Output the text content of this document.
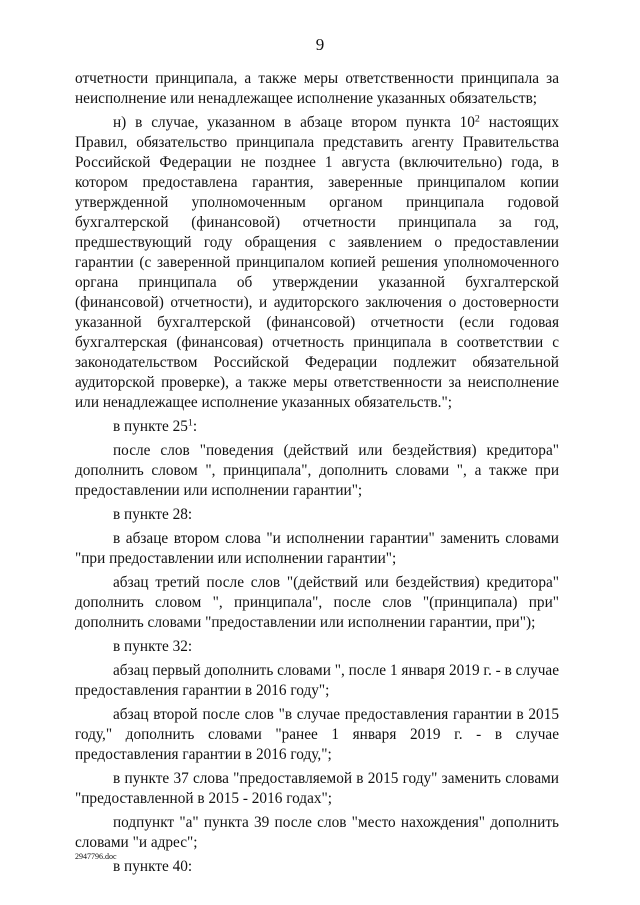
9

отчетности принципала, а также меры ответственности принципала за неисполнение или ненадлежащее исполнение указанных обязательств;

н) в случае, указанном в абзаце втором пункта $10^2$ настоящих Правил, обязательство принципала представить агенту Правительства Российской Федерации не позднее 1 августа (включительно) года, в котором предоставлена гарантия, заверенные принципалом копии утвержденной уполномоченным органом принципала годовой бухгалтерской (финансовой) отчетности принципала за год, предшествующий году обращения с заявлением о предоставлении гарантии (с заверенной принципалом копией решения уполномоченного органа принципала об утверждении указанной бухгалтерской (финансовой) отчетности), и аудиторского заключения о достоверности указанной бухгалтерской (финансовой) отчетности (если годовая бухгалтерская (финансовая) отчетность принципала в соответствии с законодательством Российской Федерации подлежит обязательной аудиторской проверке), а также меры ответственности за неисполнение или ненадлежащее исполнение указанных обязательств.";

в пункте $25^1$:

после слов "поведения (действий или бездействия) кредитора" дополнить словом ", принципала", дополнить словами ", а также при предоставлении или исполнении гарантии";

в пункте 28:

в абзаце втором слова "и исполнении гарантии" заменить словами "при предоставлении или исполнении гарантии";

абзац третий после слов "(действий или бездействия) кредитора" дополнить словом ", принципала", после слов "(принципала) при" дополнить словами "предоставлении или исполнении гарантии, при");

в пункте 32:

абзац первый дополнить словами ", после 1 января 2019 г. - в случае предоставления гарантии в 2016 году";

абзац второй после слов "в случае предоставления гарантии в 2015 году," дополнить словами "ранее 1 января 2019 г. - в случае предоставления гарантии в 2016 году,";

в пункте 37 слова "предоставляемой в 2015 году" заменить словами "предоставленной в 2015 - 2016 годах";

подпункт "а" пункта 39 после слов "место нахождения" дополнить словами "и адрес";

в пункте 40:

2947796.doc
